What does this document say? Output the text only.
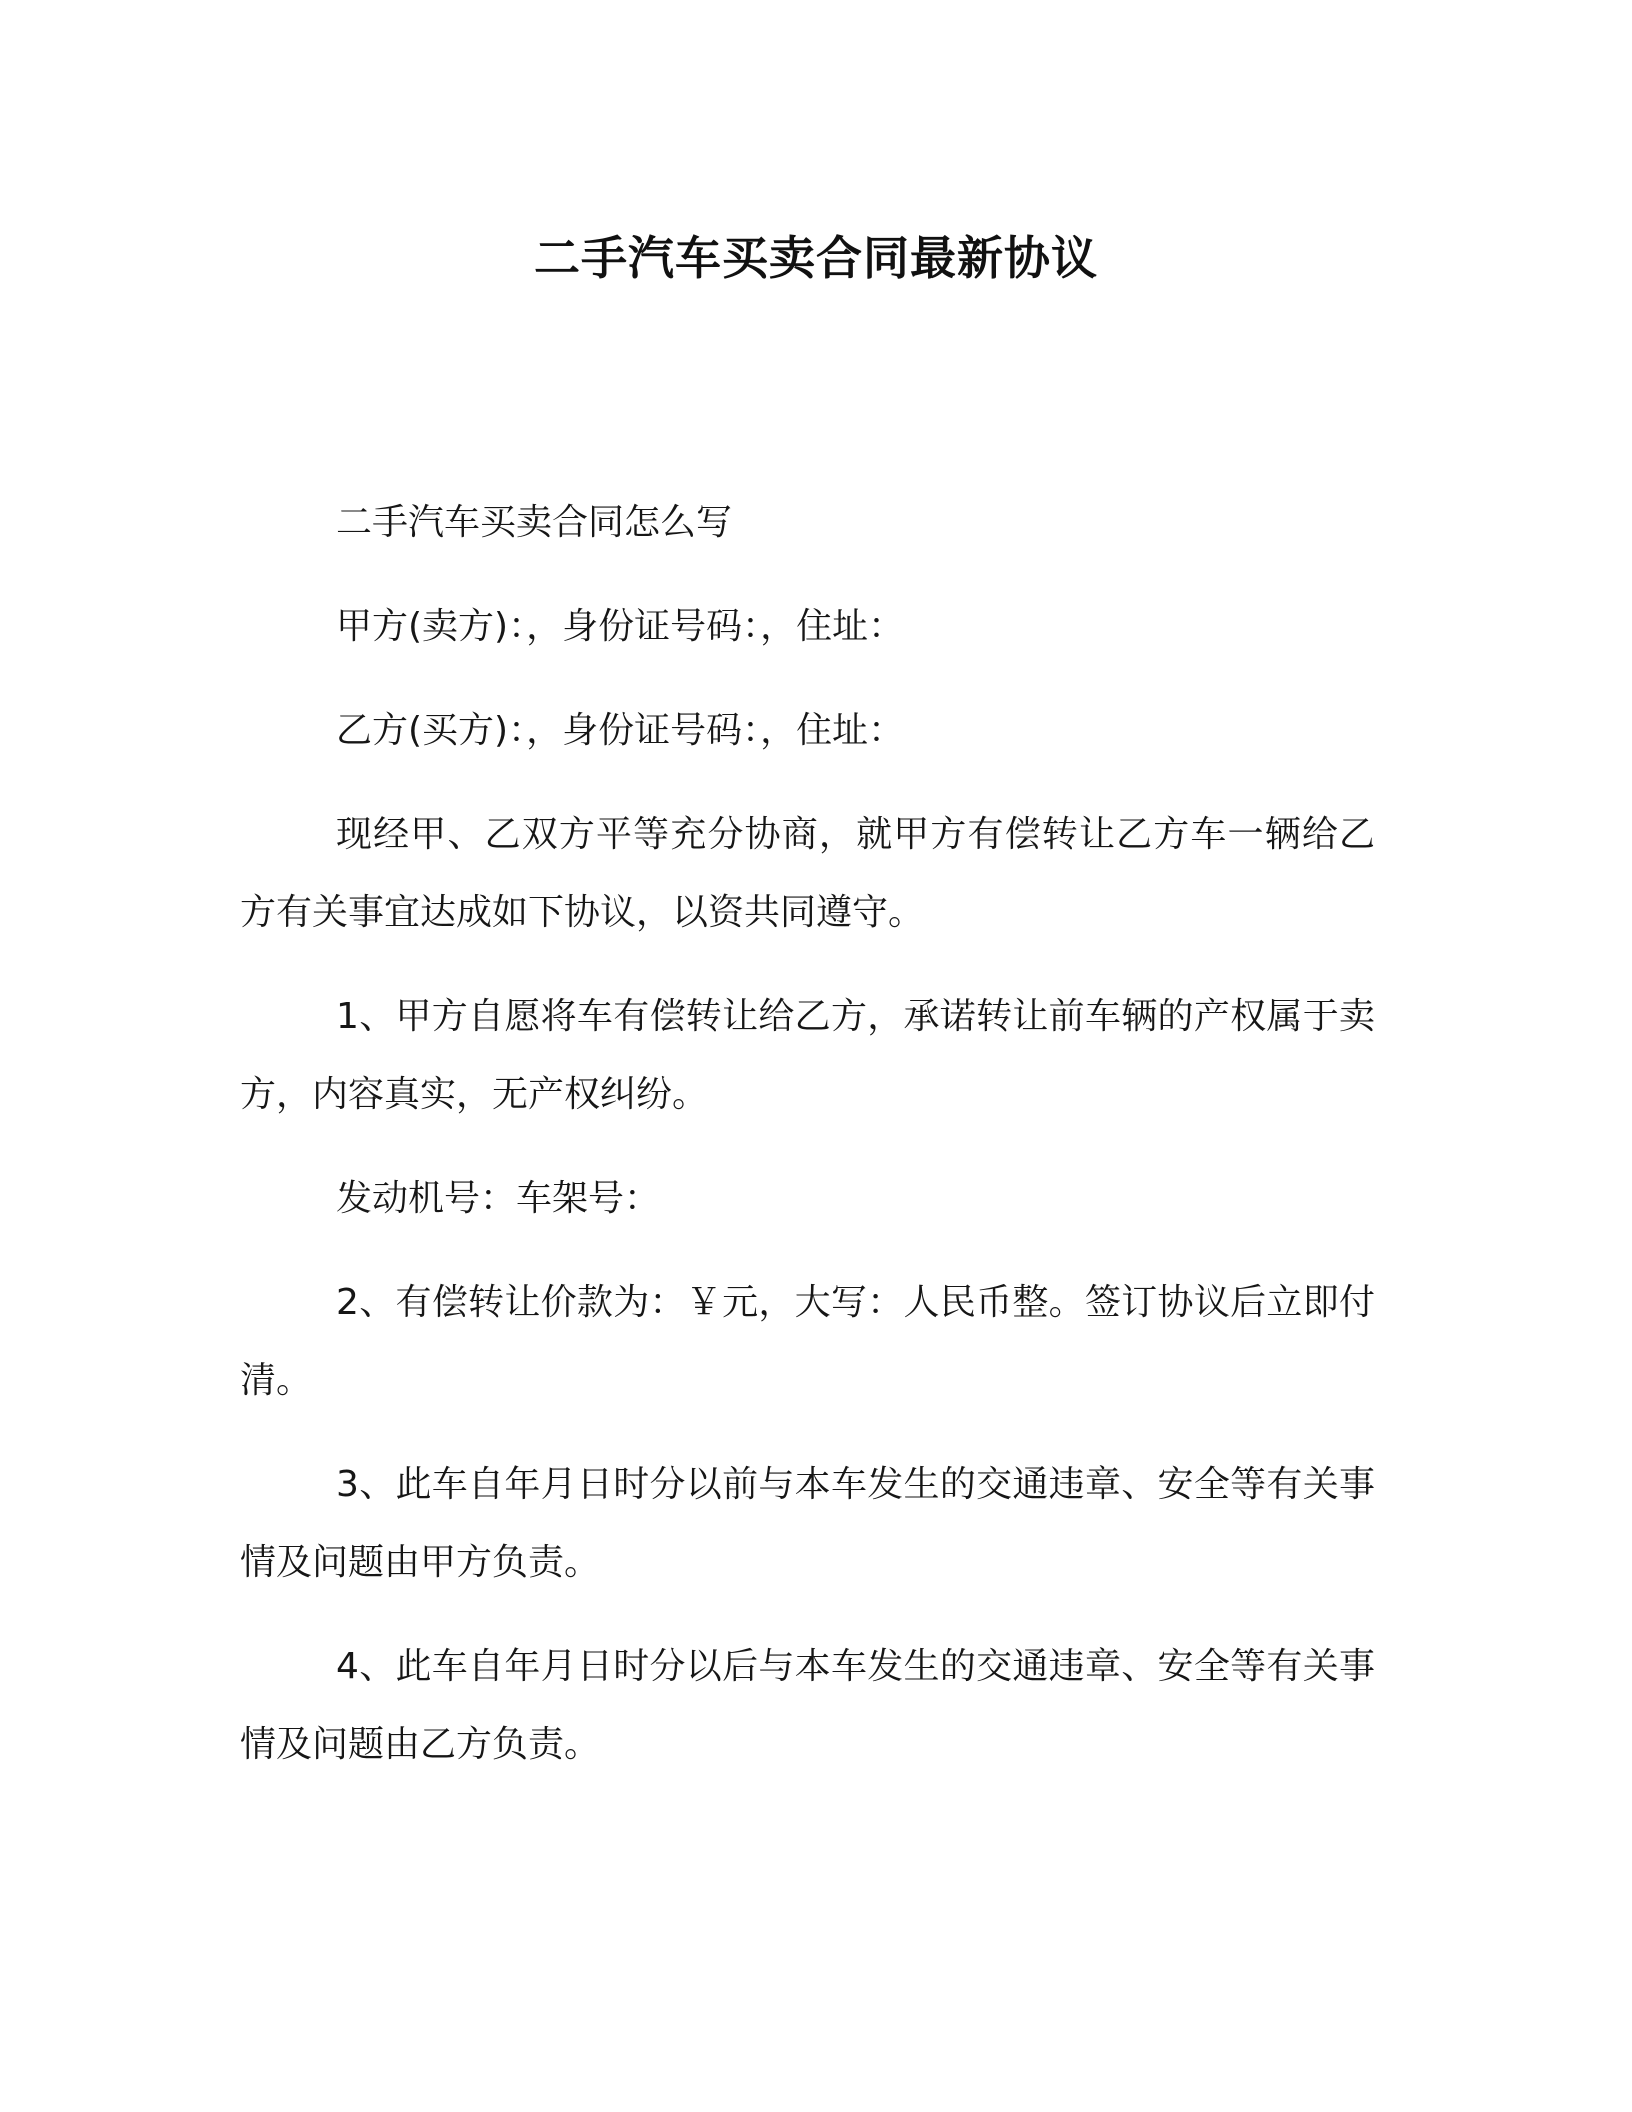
二手汽车买卖合同最新协议

二手汽车买卖合同怎么写

甲方(卖方)：，身份证号码：，住址：

乙方(买方)：，身份证号码：，住址：

现经甲、乙双方平等充分协商，就甲方有偿转让乙方车一辆给乙方有关事宜达成如下协议，以资共同遵守。

1、甲方自愿将车有偿转让给乙方，承诺转让前车辆的产权属于卖方，内容真实，无产权纠纷。

发动机号：车架号：

2、有偿转让价款为：￥元，大写：人民币整。签订协议后立即付清。

3、此车自年月日时分以前与本车发生的交通违章、安全等有关事情及问题由甲方负责。

4、此车自年月日时分以后与本车发生的交通违章、安全等有关事情及问题由乙方负责。
